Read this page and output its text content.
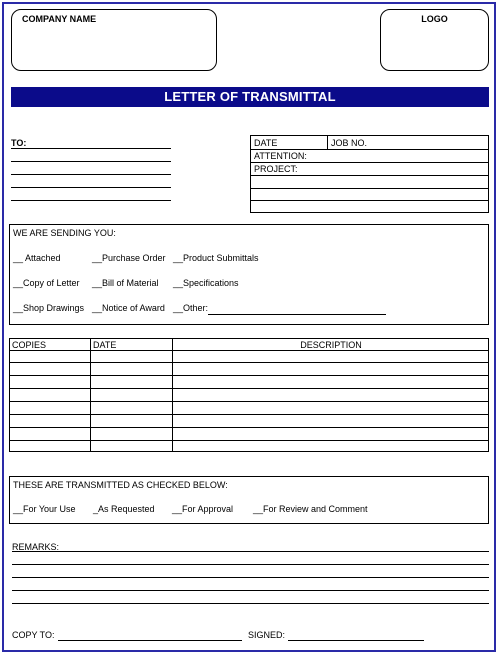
COMPANY NAME	LOGO
LETTER OF TRANSMITTAL
TO:	DATE	JOB NO.
ATTENTION:
PROJECT:
WE ARE SENDING YOU:
__ Attached	__Purchase Order __Product Submittals
__Copy of Letter __Bill of Material __Specifications
__Shop Drawings __Notice of Award __Other:
COPIES	DATE	DESCRIPTION
THESE ARE TRANSMITTED AS CHECKED BELOW:
__For Your Use _As Requested __For Approval __For Review and Comment
REMARKS:
COPY TO:	SIGNED:
